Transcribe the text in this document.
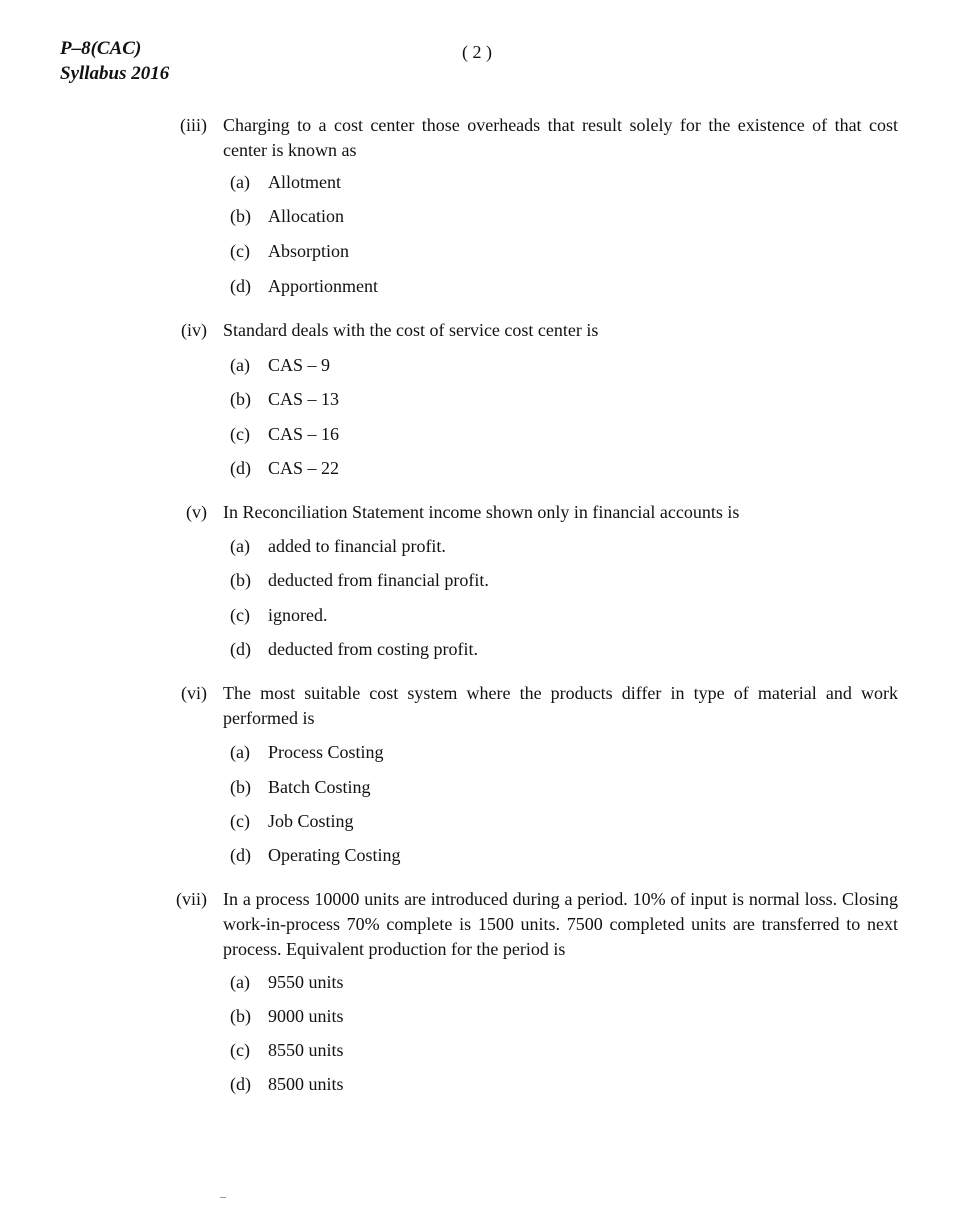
P–8(CAC)
Syllabus 2016
( 2 )
(iii) Charging to a cost center those overheads that result solely for the existence of that cost center is known as
(a) Allotment
(b) Allocation
(c) Absorption
(d) Apportionment
(iv) Standard deals with the cost of service cost center is
(a) CAS – 9
(b) CAS – 13
(c) CAS – 16
(d) CAS – 22
(v) In Reconciliation Statement income shown only in financial accounts is
(a) added to financial profit.
(b) deducted from financial profit.
(c) ignored.
(d) deducted from costing profit.
(vi) The most suitable cost system where the products differ in type of material and work performed is
(a) Process Costing
(b) Batch Costing
(c) Job Costing
(d) Operating Costing
(vii) In a process 10000 units are introduced during a period. 10% of input is normal loss. Closing work-in-process 70% complete is 1500 units. 7500 completed units are transferred to next process. Equivalent production for the period is
(a) 9550 units
(b) 9000 units
(c) 8550 units
(d) 8500 units
